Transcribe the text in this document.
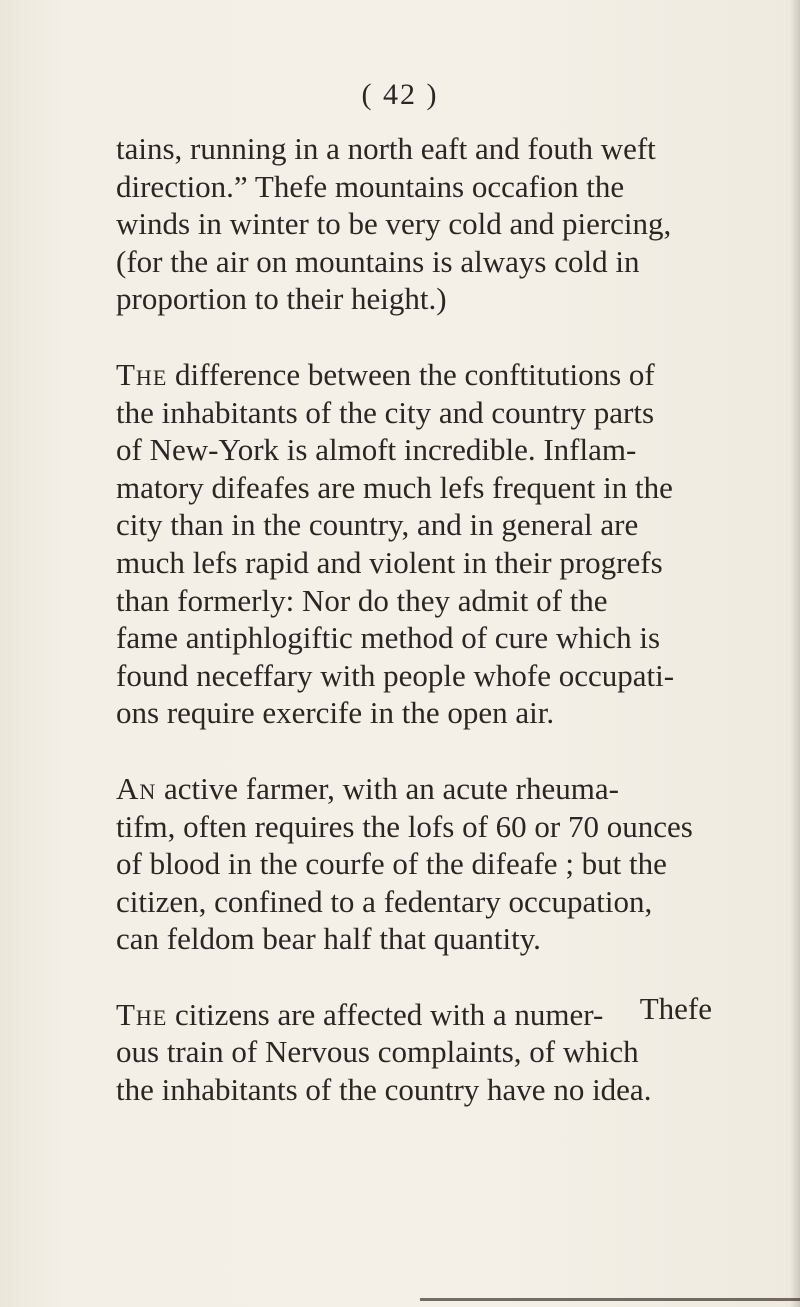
( 42 )

tains, running in a north eaft and fouth weft
direction.” Thefe mountains occafion the
winds in winter to be very cold and piercing,
(for the air on mountains is always cold in
proportion to their height.)

The difference between the conftitutions of
the inhabitants of the city and country parts
of New-York is almoft incredible. Inflam-
matory difeafes are much lefs frequent in the
city than in the country, and in general are
much lefs rapid and violent in their progrefs
than formerly: Nor do they admit of the
fame antiphlogiftic method of cure which is
found neceffary with people whofe occupati-
ons require exercife in the open air.

An active farmer, with an acute rheuma-
tifm, often requires the lofs of 60 or 70 ounces
of blood in the courfe of the difeafe ; but the
citizen, confined to a fedentary occupation,
can feldom bear half that quantity.

The citizens are affected with a numer-
ous train of Nervous complaints, of which
the inhabitants of the country have no idea.

Thefe
